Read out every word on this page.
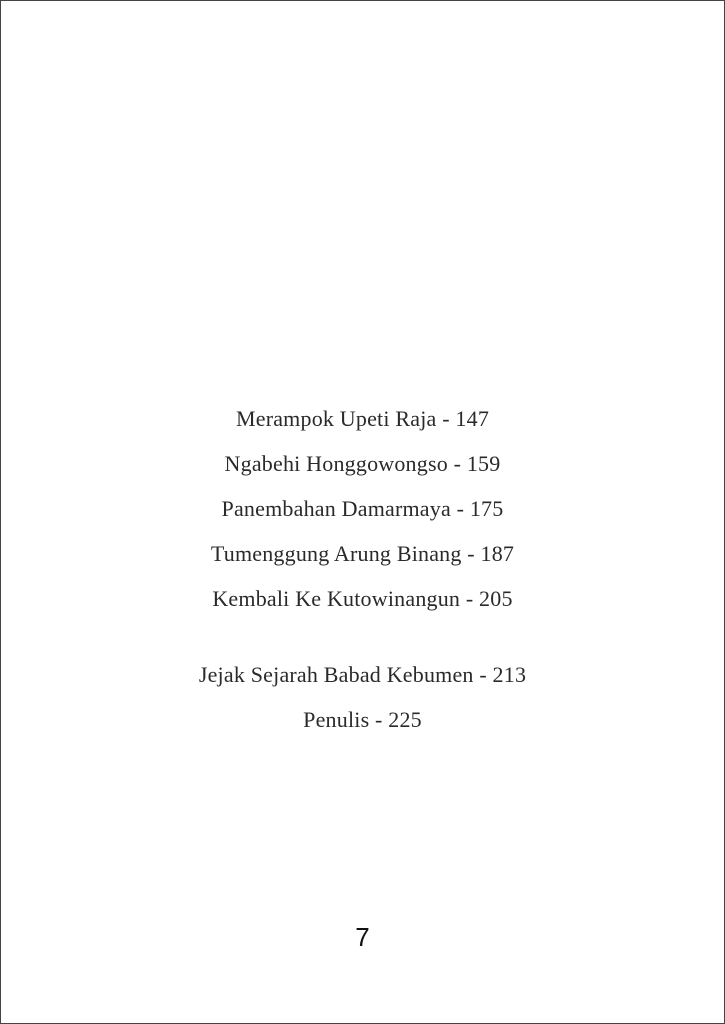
Merampok Upeti Raja - 147
Ngabehi Honggowongso - 159
Panembahan Damarmaya - 175
Tumenggung Arung Binang - 187
Kembali Ke Kutowinangun - 205
Jejak Sejarah Babad Kebumen - 213
Penulis - 225
7
